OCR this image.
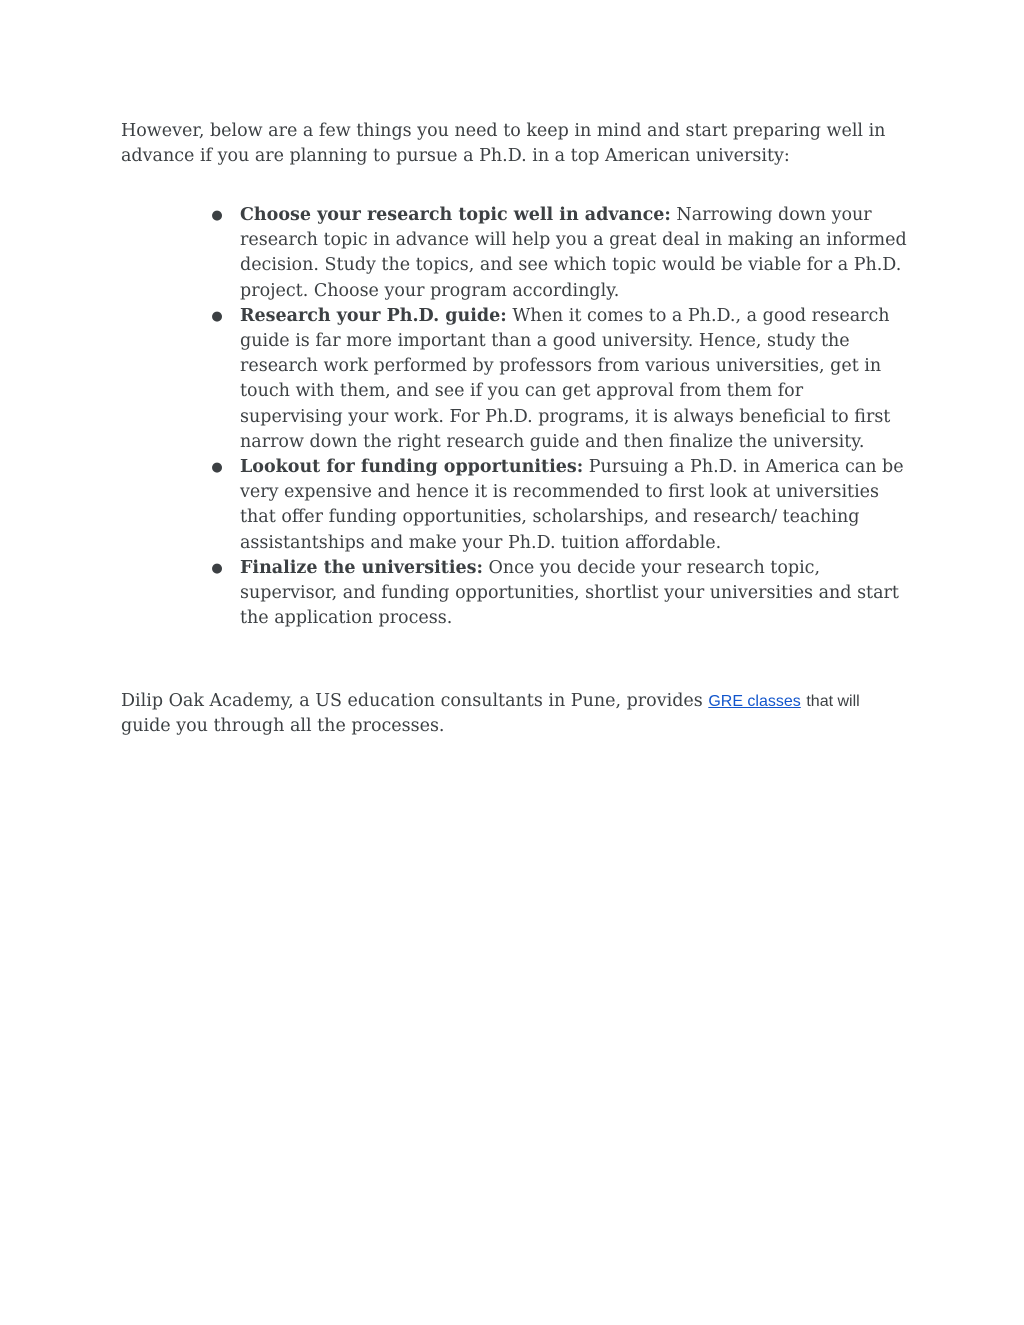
However, below are a few things you need to keep in mind and start preparing well in advance if you are planning to pursue a Ph.D. in a top American university:

● Choose your research topic well in advance: Narrowing down your research topic in advance will help you a great deal in making an informed decision. Study the topics, and see which topic would be viable for a Ph.D. project. Choose your program accordingly.
● Research your Ph.D. guide: When it comes to a Ph.D., a good research guide is far more important than a good university. Hence, study the research work performed by professors from various universities, get in touch with them, and see if you can get approval from them for supervising your work. For Ph.D. programs, it is always beneficial to first narrow down the right research guide and then finalize the university.
● Lookout for funding opportunities: Pursuing a Ph.D. in America can be very expensive and hence it is recommended to first look at universities that offer funding opportunities, scholarships, and research/ teaching assistantships and make your Ph.D. tuition affordable.
● Finalize the universities: Once you decide your research topic, supervisor, and funding opportunities, shortlist your universities and start the application process.

Dilip Oak Academy, a US education consultants in Pune, provides GRE classes that will guide you through all the processes.
